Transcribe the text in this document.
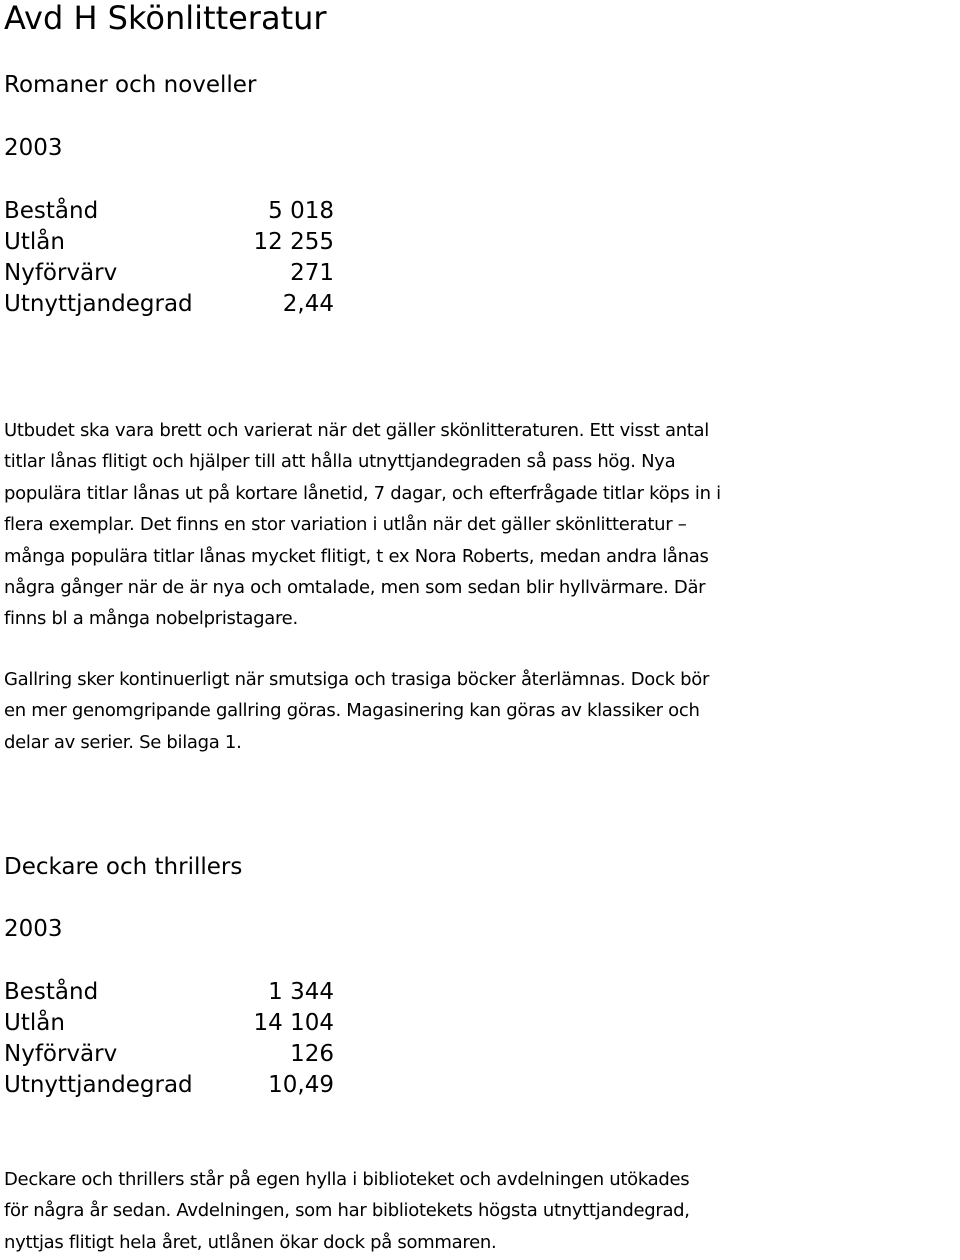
Avd H Skönlitteratur
Romaner och noveller
2003
Bestånd	5 018
Utlån	12 255
Nyförvärv	271
Utnyttjandegrad	2,44
Utbudet ska vara brett och varierat när det gäller skönlitteraturen. Ett visst antal
titlar lånas flitigt och hjälper till att hålla utnyttjandegraden så pass hög. Nya
populära titlar lånas ut på kortare lånetid, 7 dagar, och efterfrågade titlar köps in i
flera exemplar. Det finns en stor variation i utlån när det gäller skönlitteratur –
många populära titlar lånas mycket flitigt, t ex Nora Roberts, medan andra lånas
några gånger när de är nya och omtalade, men som sedan blir hyllvärmare. Där
finns bl a många nobelpristagare.
Gallring sker kontinuerligt när smutsiga och trasiga böcker återlämnas. Dock bör
en mer genomgripande gallring göras. Magasinering kan göras av klassiker och
delar av serier. Se bilaga 1.
Deckare och thrillers
2003
Bestånd	1 344
Utlån	14 104
Nyförvärv	126
Utnyttjandegrad	10,49
Deckare och thrillers står på egen hylla i biblioteket och avdelningen utökades
för några år sedan. Avdelningen, som har bibliotekets högsta utnyttjandegrad,
nyttjas flitigt hela året, utlånen ökar dock på sommaren.
